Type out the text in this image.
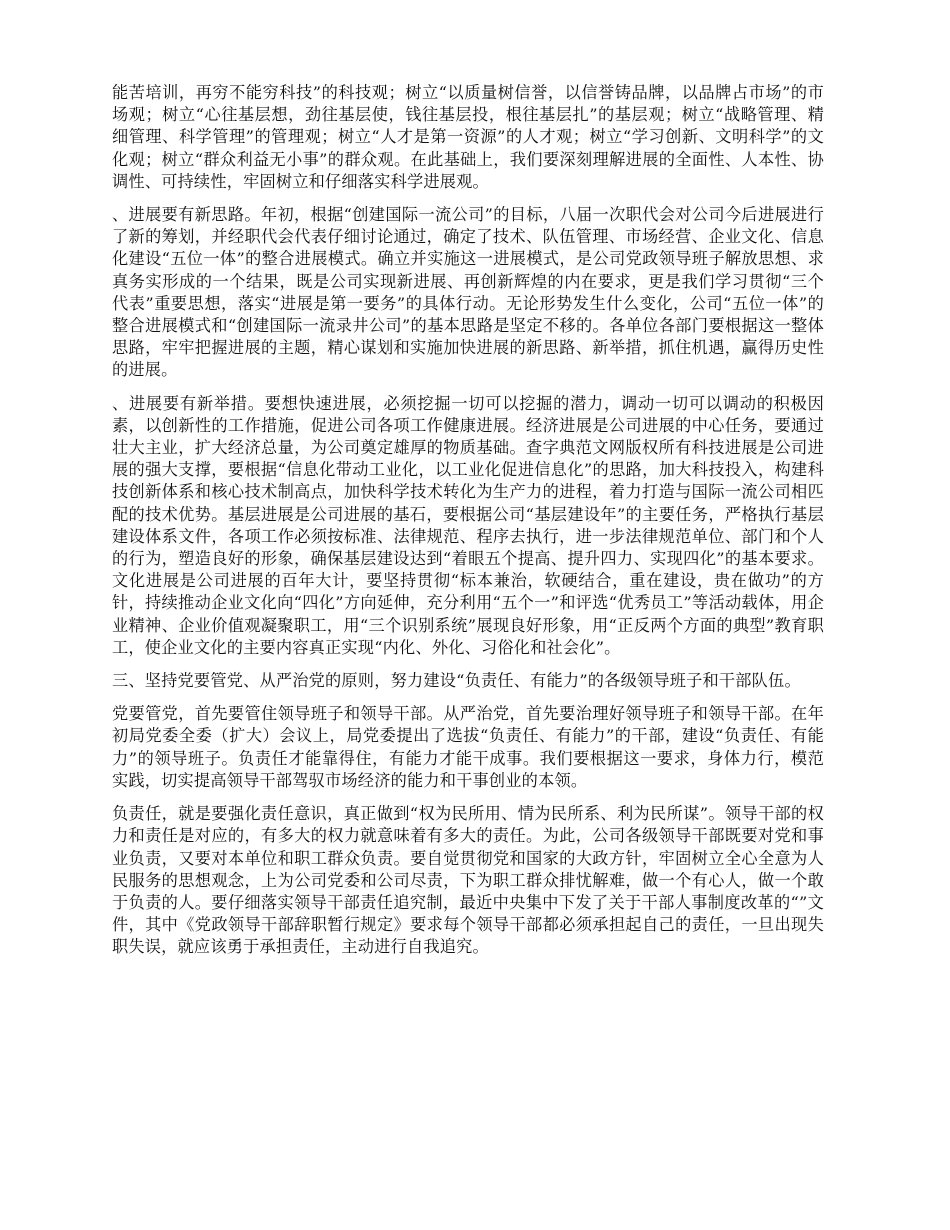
能苦培训，再穷不能穷科技”的科技观；树立“以质量树信誉，以信誉铸品牌，以品牌占市场”的市场观；树立“心往基层想，劲往基层使，钱往基层投，根往基层扎”的基层观；树立“战略管理、精细管理、科学管理”的管理观；树立“人才是第一资源”的人才观；树立“学习创新、文明科学”的文化观；树立“群众利益无小事”的群众观。在此基础上，我们要深刻理解进展的全面性、人本性、协调性、可持续性，牢固树立和仔细落实科学进展观。

、进展要有新思路。年初，根据“创建国际一流公司”的目标，八届一次职代会对公司今后进展进行了新的筹划，并经职代会代表仔细讨论通过，确定了技术、队伍管理、市场经营、企业文化、信息化建设“五位一体”的整合进展模式。确立并实施这一进展模式，是公司党政领导班子解放思想、求真务实形成的一个结果，既是公司实现新进展、再创新辉煌的内在要求，更是我们学习贯彻“三个代表”重要思想，落实“进展是第一要务”的具体行动。无论形势发生什么变化，公司“五位一体”的整合进展模式和“创建国际一流录井公司”的基本思路是坚定不移的。各单位各部门要根据这一整体思路，牢牢把握进展的主题，精心谋划和实施加快进展的新思路、新举措，抓住机遇，赢得历史性的进展。

、进展要有新举措。要想快速进展，必须挖掘一切可以挖掘的潜力，调动一切可以调动的积极因素，以创新性的工作措施，促进公司各项工作健康进展。经济进展是公司进展的中心任务，要通过壮大主业，扩大经济总量，为公司奠定雄厚的物质基础。查字典范文网版权所有科技进展是公司进展的强大支撑，要根据“信息化带动工业化，以工业化促进信息化”的思路，加大科技投入，构建科技创新体系和核心技术制高点，加快科学技术转化为生产力的进程，着力打造与国际一流公司相匹配的技术优势。基层进展是公司进展的基石，要根据公司“基层建设年”的主要任务，严格执行基层建设体系文件，各项工作必须按标准、法律规范、程序去执行，进一步法律规范单位、部门和个人的行为，塑造良好的形象，确保基层建设达到“着眼五个提高、提升四力、实现四化”的基本要求。文化进展是公司进展的百年大计，要坚持贯彻“标本兼治，软硬结合，重在建设，贵在做功”的方针，持续推动企业文化向“四化”方向延伸，充分利用“五个一”和评选“优秀员工”等活动载体，用企业精神、企业价值观凝聚职工，用“三个识别系统”展现良好形象，用“正反两个方面的典型”教育职工，使企业文化的主要内容真正实现“内化、外化、习俗化和社会化”。

三、坚持党要管党、从严治党的原则，努力建设“负责任、有能力”的各级领导班子和干部队伍。

党要管党，首先要管住领导班子和领导干部。从严治党，首先要治理好领导班子和领导干部。在年初局党委全委（扩大）会议上，局党委提出了选拔“负责任、有能力”的干部，建设“负责任、有能力”的领导班子。负责任才能靠得住，有能力才能干成事。我们要根据这一要求，身体力行，模范实践，切实提高领导干部驾驭市场经济的能力和干事创业的本领。

负责任，就是要强化责任意识，真正做到“权为民所用、情为民所系、利为民所谋”。领导干部的权力和责任是对应的，有多大的权力就意味着有多大的责任。为此，公司各级领导干部既要对党和事业负责，又要对本单位和职工群众负责。要自觉贯彻党和国家的大政方针，牢固树立全心全意为人民服务的思想观念，上为公司党委和公司尽责，下为职工群众排忧解难，做一个有心人，做一个敢于负责的人。要仔细落实领导干部责任追究制，最近中央集中下发了关于干部人事制度改革的“”文件，其中《党政领导干部辞职暂行规定》要求每个领导干部都必须承担起自己的责任，一旦出现失职失误，就应该勇于承担责任，主动进行自我追究。
